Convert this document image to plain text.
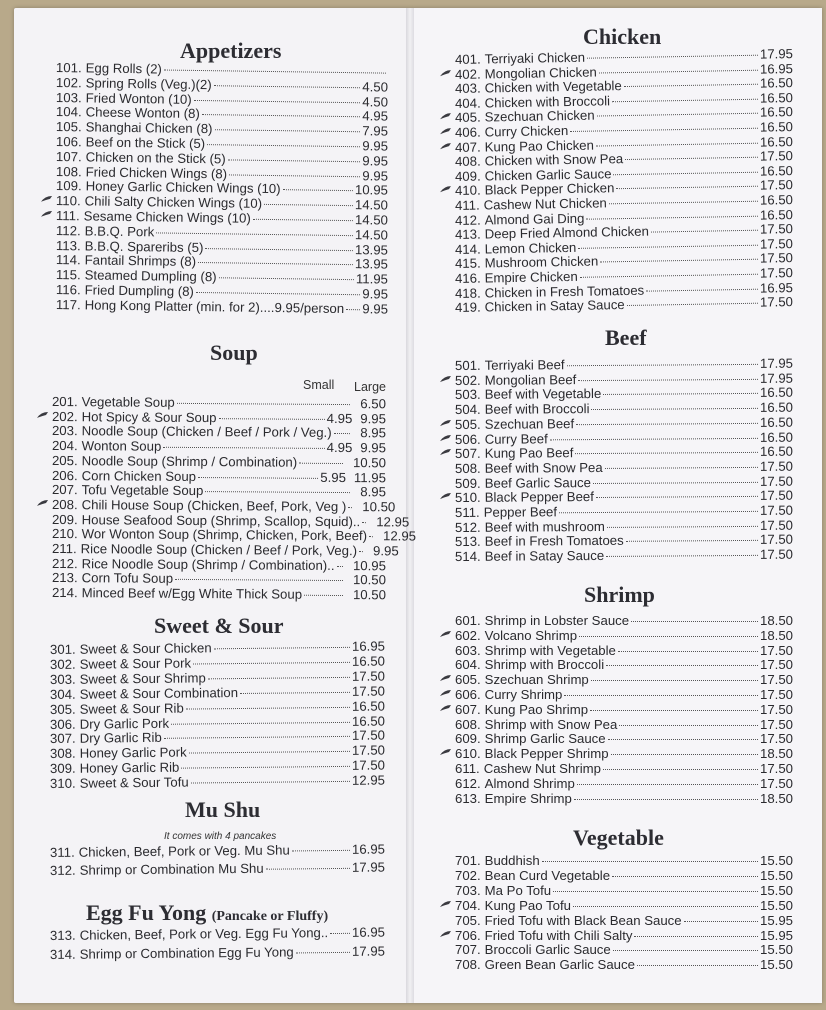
Appetizers
Soup
Small Large
Sweet & Sour
Mu Shu
It comes with 4 pancakes
Egg Fu Yong (Pancake or Fluffy)
Chicken
Beef
Shrimp
Vegetable
101. Egg Rolls (2)
102. Spring Rolls (Veg.)(2)	4.50
103. Fried Wonton (10)	4.50
104. Cheese Wonton (8)	4.95
105. Shanghai Chicken (8)	7.95
106. Beef on the Stick (5)	9.95
107. Chicken on the Stick (5)	9.95
108. Fried Chicken Wings (8)	9.95
109. Honey Garlic Chicken Wings (10)	10.95
110. Chili Salty Chicken Wings (10)	14.50
111. Sesame Chicken Wings (10)	14.50
112. B.B.Q. Pork	14.50
113. B.B.Q. Spareribs (5)	13.95
114. Fantail Shrimps (8)	13.95
115. Steamed Dumpling (8)	11.95
116. Fried Dumpling (8)	9.95
117. Hong Kong Platter (min. for 2)....9.95/person 9.95
201. Vegetable Soup	6.50
202. Hot Spicy & Sour Soup	4.95 9.95
203. Noodle Soup (Chicken / Beef / Pork / Veg.) 8.95
204. Wonton Soup	4.95 9.95
205. Noodle Soup (Shrimp / Combination)	10.50
206. Corn Chicken Soup	5.95 11.95
207. Tofu Vegetable Soup	8.95
208. Chili House Soup (Chicken, Beef, Pork, Veg ) 10.50
209. House Seafood Soup (Shrimp, Scallop, Squid).. 12.95
210. Wor Wonton Soup (Shrimp, Chicken, Pork, Beef) 12.95
211. Rice Noodle Soup (Chicken / Beef / Pork, Veg.) 9.95
212. Rice Noodle Soup (Shrimp / Combination).. 10.95
213. Corn Tofu Soup	10.50
214. Minced Beef w/Egg White Thick Soup	10.50
301. Sweet & Sour Chicken	16.95
302. Sweet & Sour Pork	16.50
303. Sweet & Sour Shrimp	17.50
304. Sweet & Sour Combination	17.50
305. Sweet & Sour Rib	16.50
306. Dry Garlic Pork	16.50
307. Dry Garlic Rib	17.50
308. Honey Garlic Pork	17.50
309. Honey Garlic Rib	17.50
310. Sweet & Sour Tofu	12.95
311. Chicken, Beef, Pork or Veg. Mu Shu	16.95
312. Shrimp or Combination Mu Shu	17.95
313. Chicken, Beef, Pork or Veg. Egg Fu Yong.. 16.95
314. Shrimp or Combination Egg Fu Yong	17.95
401. Terriyaki Chicken	17.95
402. Mongolian Chicken	16.95
403. Chicken with Vegetable	16.50
404. Chicken with Broccoli	16.50
405. Szechuan Chicken	16.50
406. Curry Chicken	16.50
407. Kung Pao Chicken	16.50
408. Chicken with Snow Pea	17.50
409. Chicken Garlic Sauce	16.50
410. Black Pepper Chicken	17.50
411. Cashew Nut Chicken	16.50
412. Almond Gai Ding	16.50
413. Deep Fried Almond Chicken	17.50
414. Lemon Chicken	17.50
415. Mushroom Chicken	17.50
416. Empire Chicken	17.50
418. Chicken in Fresh Tomatoes	16.95
419. Chicken in Satay Sauce	17.50
501. Terriyaki Beef	17.95
502. Mongolian Beef	17.95
503. Beef with Vegetable	16.50
504. Beef with Broccoli	16.50
505. Szechuan Beef	16.50
506. Curry Beef	16.50
507. Kung Pao Beef	16.50
508. Beef with Snow Pea	17.50
509. Beef Garlic Sauce	17.50
510. Black Pepper Beef	17.50
511. Pepper Beef	17.50
512. Beef with mushroom	17.50
513. Beef in Fresh Tomatoes	17.50
514. Beef in Satay Sauce	17.50
601. Shrimp in Lobster Sauce	18.50
602. Volcano Shrimp	18.50
603. Shrimp with Vegetable	17.50
604. Shrimp with Broccoli	17.50
605. Szechuan Shrimp	17.50
606. Curry Shrimp	17.50
607. Kung Pao Shrimp	17.50
608. Shrimp with Snow Pea	17.50
609. Shrimp Garlic Sauce	17.50
610. Black Pepper Shrimp	18.50
611. Cashew Nut Shrimp	17.50
612. Almond Shrimp	17.50
613. Empire Shrimp	18.50
701. Buddhish	15.50
702. Bean Curd Vegetable	15.50
703. Ma Po Tofu	15.50
704. Kung Pao Tofu	15.50
705. Fried Tofu with Black Bean Sauce	15.95
706. Fried Tofu with Chili Salty	15.95
707. Broccoli Garlic Sauce	15.50
708. Green Bean Garlic Sauce	15.50
